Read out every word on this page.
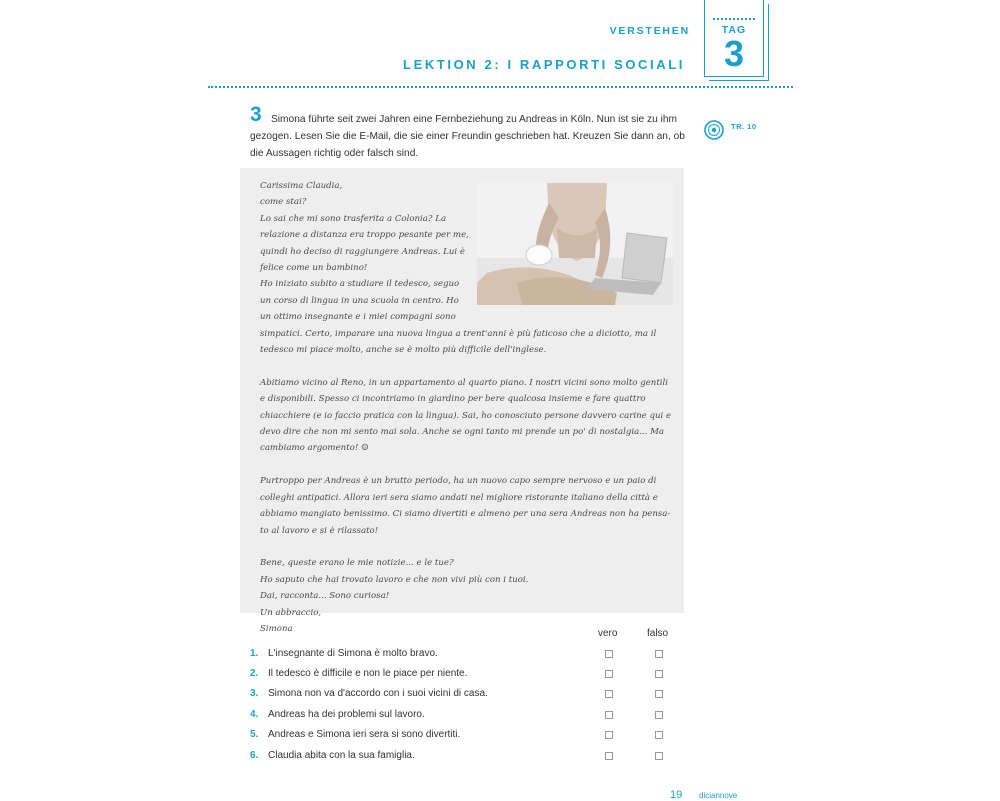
VERSTEHEN
LEKTION 2: I RAPPORTI SOCIALI
TAG
3
3 Simona führte seit zwei Jahren eine Fernbeziehung zu Andreas in Köln. Nun ist sie zu ihm gezogen. Lesen Sie die E-Mail, die sie einer Freundin geschrieben hat. Kreuzen Sie dann an, ob die Aussagen richtig oder falsch sind.
TR. 10

Carissima Claudia,
come stai?
Lo sai che mi sono trasferita a Colonia? La relazione a distanza era troppo pesante per me, quindi ho deciso di raggiungere Andreas. Lui è felice come un bambino!
Ho iniziato subito a studiare il tedesco, seguo un corso di lingua in una scuola in centro. Ho un ottimo insegnante e i miei compagni sono simpatici. Certo, imparare una nuova lingua a trent'anni è più faticoso che a diciotto, ma il tedesco mi piace molto, anche se è molto più difficile dell'inglese.

Abitiamo vicino al Reno, in un appartamento al quarto piano. I nostri vicini sono molto gentili e disponibili. Spesso ci incontriamo in giardino per bere qualcosa insieme e fare quattro chiacchiere (e io faccio pratica con la lingua). Sai, ho conosciuto persone davvero carine qui e devo dire che non mi sento mai sola. Anche se ogni tanto mi prende un po' di nostalgia... Ma cambiamo argomento! ☺

Purtroppo per Andreas è un brutto periodo, ha un nuovo capo sempre nervoso e un paio di colleghi antipatici. Allora ieri sera siamo andati nel migliore ristorante italiano della città e abbiamo mangiato benissimo. Ci siamo divertiti e almeno per una sera Andreas non ha pensa-to al lavoro e si è rilassato!

Bene, queste erano le mie notizie... e le tue?
Ho saputo che hai trovato lavoro e che non vivi più con i tuoi.
Dai, racconta... Sono curiosa!
Un abbraccio,
Simona	vero	falso
1. L'insegnante di Simona è molto bravo.
2. Il tedesco è difficile e non le piace per niente.
3. Simona non va d'accordo con i suoi vicini di casa.
4. Andreas ha dei problemi sul lavoro.
5. Andreas e Simona ieri sera si sono divertiti.
6. Claudia abita con la sua famiglia.
19 diciannove
